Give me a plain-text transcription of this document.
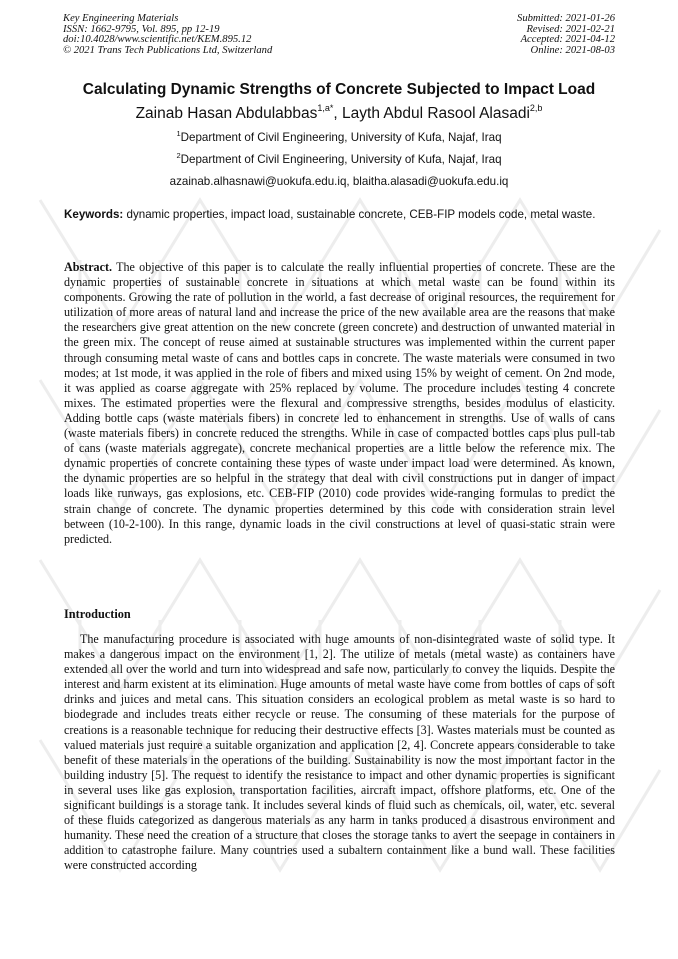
Key Engineering Materials
ISSN: 1662-9795, Vol. 895, pp 12-19
doi:10.4028/www.scientific.net/KEM.895.12
© 2021 Trans Tech Publications Ltd, Switzerland
Submitted: 2021-01-26
Revised: 2021-02-21
Accepted: 2021-04-12
Online: 2021-08-03
Calculating Dynamic Strengths of Concrete Subjected to Impact Load
Zainab Hasan Abdulabbas$^{1,a*}$, Layth Abdul Rasool Alasadi$^{2,b}$
$^1$Department of Civil Engineering, University of Kufa, Najaf, Iraq
$^2$Department of Civil Engineering, University of Kufa, Najaf, Iraq
azainab.alhasnawi@uokufa.edu.iq, blaitha.alasadi@uokufa.edu.iq
Keywords: dynamic properties, impact load, sustainable concrete, CEB-FIP models code, metal waste.
Abstract. The objective of this paper is to calculate the really influential properties of concrete. These are the dynamic properties of sustainable concrete in situations at which metal waste can be found within its components. Growing the rate of pollution in the world, a fast decrease of original resources, the requirement for utilization of more areas of natural land and increase the price of the new available area are the reasons that make the researchers give great attention on the new concrete (green concrete) and destruction of unwanted material in the green mix. The concept of reuse aimed at sustainable structures was implemented within the current paper through consuming metal waste of cans and bottles caps in concrete. The waste materials were consumed in two modes; at 1st mode, it was applied in the role of fibers and mixed using 15% by weight of cement. On 2nd mode, it was applied as coarse aggregate with 25% replaced by volume. The procedure includes testing 4 concrete mixes. The estimated properties were the flexural and compressive strengths, besides modulus of elasticity. Adding bottle caps (waste materials fibers) in concrete led to enhancement in strengths. Use of walls of cans (waste materials fibers) in concrete reduced the strengths. While in case of compacted bottles caps plus pull-tab of cans (waste materials aggregate), concrete mechanical properties are a little below the reference mix. The dynamic properties of concrete containing these types of waste under impact load were determined. As known, the dynamic properties are so helpful in the strategy that deal with civil constructions put in danger of impact loads like runways, gas explosions, etc. CEB-FIP (2010) code provides wide-ranging formulas to predict the strain change of concrete. The dynamic properties determined by this code with consideration strain level between (10-2-100). In this range, dynamic loads in the civil constructions at level of quasi-static strain were predicted.
Introduction
The manufacturing procedure is associated with huge amounts of non-disintegrated waste of solid type. It makes a dangerous impact on the environment [1, 2]. The utilize of metals (metal waste) as containers have extended all over the world and turn into widespread and safe now, particularly to convey the liquids. Despite the interest and harm existent at its elimination. Huge amounts of metal waste have come from bottles of caps of soft drinks and juices and metal cans. This situation considers an ecological problem as metal waste is so hard to biodegrade and includes treats either recycle or reuse. The consuming of these materials for the purpose of creations is a reasonable technique for reducing their destructive effects [3]. Wastes materials must be counted as valued materials just require a suitable organization and application [2, 4]. Concrete appears considerable to take benefit of these materials in the operations of the building. Sustainability is now the most important factor in the building industry [5]. The request to identify the resistance to impact and other dynamic properties is significant in several uses like gas explosion, transportation facilities, aircraft impact, offshore platforms, etc. One of the significant buildings is a storage tank. It includes several kinds of fluid such as chemicals, oil, water, etc. several of these fluids categorized as dangerous materials as any harm in tanks produced a disastrous environment and humanity. These need the creation of a structure that closes the storage tanks to avert the seepage in containers in addition to catastrophe failure. Many countries used a subaltern containment like a bund wall. These facilities were constructed according
